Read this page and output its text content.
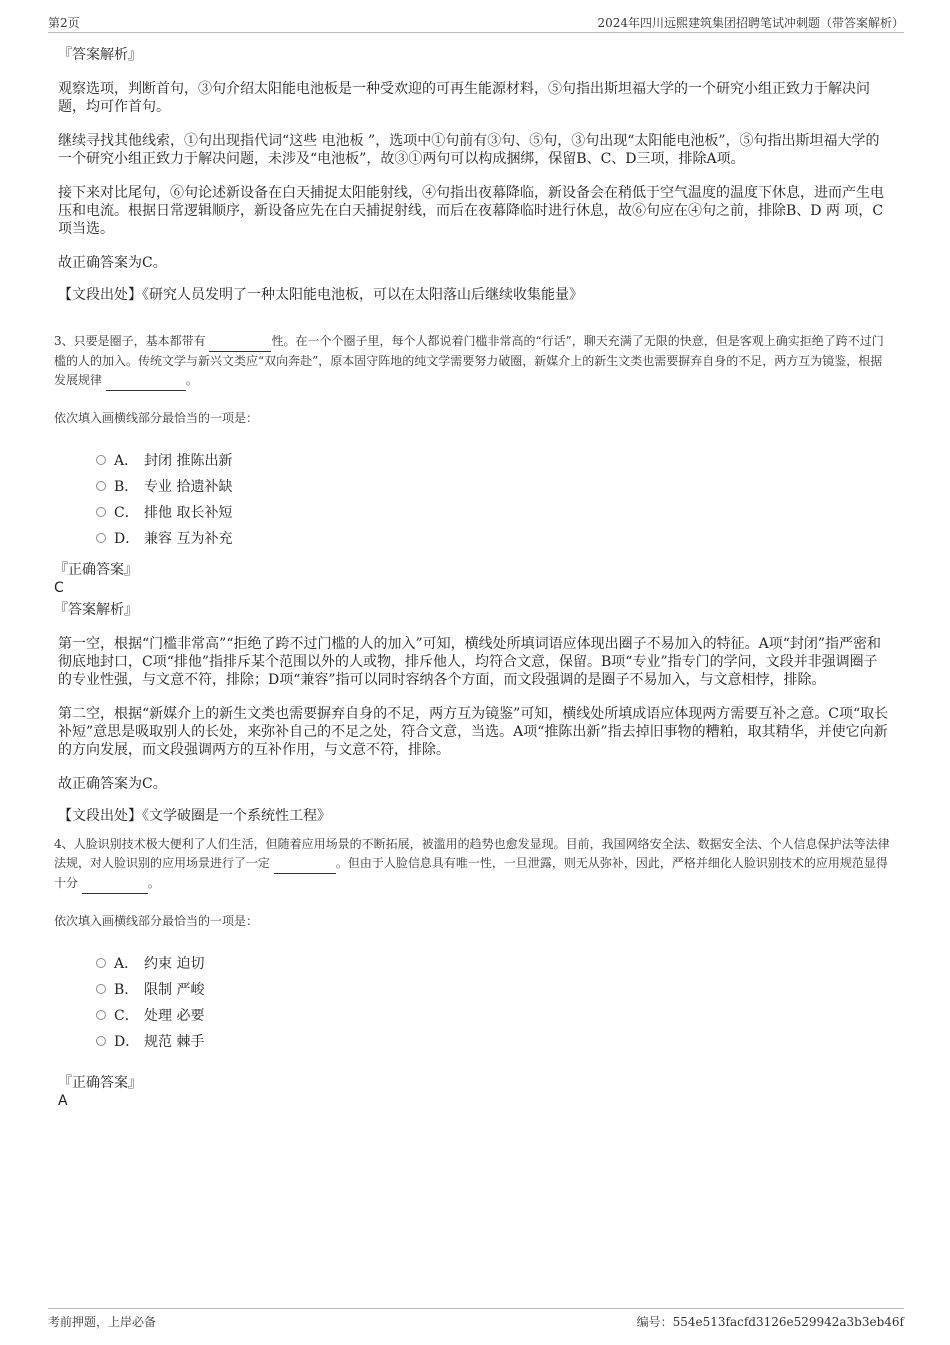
第2页	2024年四川远熙建筑集团招聘笔试冲刺题（带答案解析）

『答案解析』

观察选项，判断首句，③句介绍太阳能电池板是一种受欢迎的可再生能源材料，⑤句指出斯坦福大学的一个研究小组正致力于解决问题，均可作首句。

继续寻找其他线索，①句出现指代词“这些 电池板 ”，选项中①句前有③句、⑤句，③句出现“太阳能电池板”，⑤句指出斯坦福大学的一个研究小组正致力于解决问题，未涉及“电池板”，故③①两句可以构成捆绑，保留B、C、D三项，排除A项。

接下来对比尾句，⑥句论述新设备在白天捕捉太阳能射线，④句指出夜幕降临，新设备会在稍低于空气温度的温度下休息，进而产生电压和电流。根据日常逻辑顺序，新设备应先在白天捕捉射线，而后在夜幕降临时进行休息，故⑥句应在④句之前，排除B、D 两 项，C项当选。

故正确答案为C。

【文段出处】《研究人员发明了一种太阳能电池板，可以在太阳落山后继续收集能量》

3、只要是圈子，基本都带有	性。在一个个圈子里，每个人都说着门槛非常高的“行话”，聊天充满了无限的快意，但是客观上确实拒绝了跨不过门槛的人的加入。传统文学与新兴文类应“双向奔赴”，原本固守阵地的纯文学需要努力破圈，新媒介上的新生文类也需要摒弃自身的不足，两方互为镜鉴，根据发展规律	。

依次填入画横线部分最恰当的一项是：

A． 封闭 推陈出新
B． 专业 拾遗补缺
C． 排他 取长补短
D． 兼容 互为补充

『正确答案』

C

『答案解析』

第一空，根据“门槛非常高”“拒绝了跨不过门槛的人的加入”可知，横线处所填词语应体现出圈子不易加入的特征。A项“封闭”指严密和彻底地封口，C项“排他”指排斥某个范围以外的人或物，排斥他人，均符合文意，保留。B项“专业”指专门的学问，文段并非强调圈子的专业性强，与文意不符，排除；D项“兼容”指可以同时容纳各个方面，而文段强调的是圈子不易加入，与文意相悖，排除。

第二空，根据“新媒介上的新生文类也需要摒弃自身的不足，两方互为镜鉴”可知，横线处所填成语应体现两方需要互补之意。C项“取长补短”意思是吸取别人的长处，来弥补自己的不足之处，符合文意，当选。A项“推陈出新”指去掉旧事物的糟粕，取其精华，并使它向新的方向发展，而文段强调两方的互补作用，与文意不符，排除。

故正确答案为C。

【文段出处】《文学破圈是一个系统性工程》

4、人脸识别技术极大便利了人们生活，但随着应用场景的不断拓展，被滥用的趋势也愈发显现。目前，我国网络安全法、数据安全法、个人信息保护法等法律法规，对人脸识别的应用场景进行了一定	。但由于人脸信息具有唯一性，一旦泄露，则无从弥补，因此，严格并细化人脸识别技术的应用规范显得十分	。

依次填入画横线部分最恰当的一项是：

A． 约束 迫切
B． 限制 严峻
C． 处理 必要
D． 规范 棘手

『正确答案』

A

考前押题，上岸必备	编号：554e513facfd3126e529942a3b3eb46f
